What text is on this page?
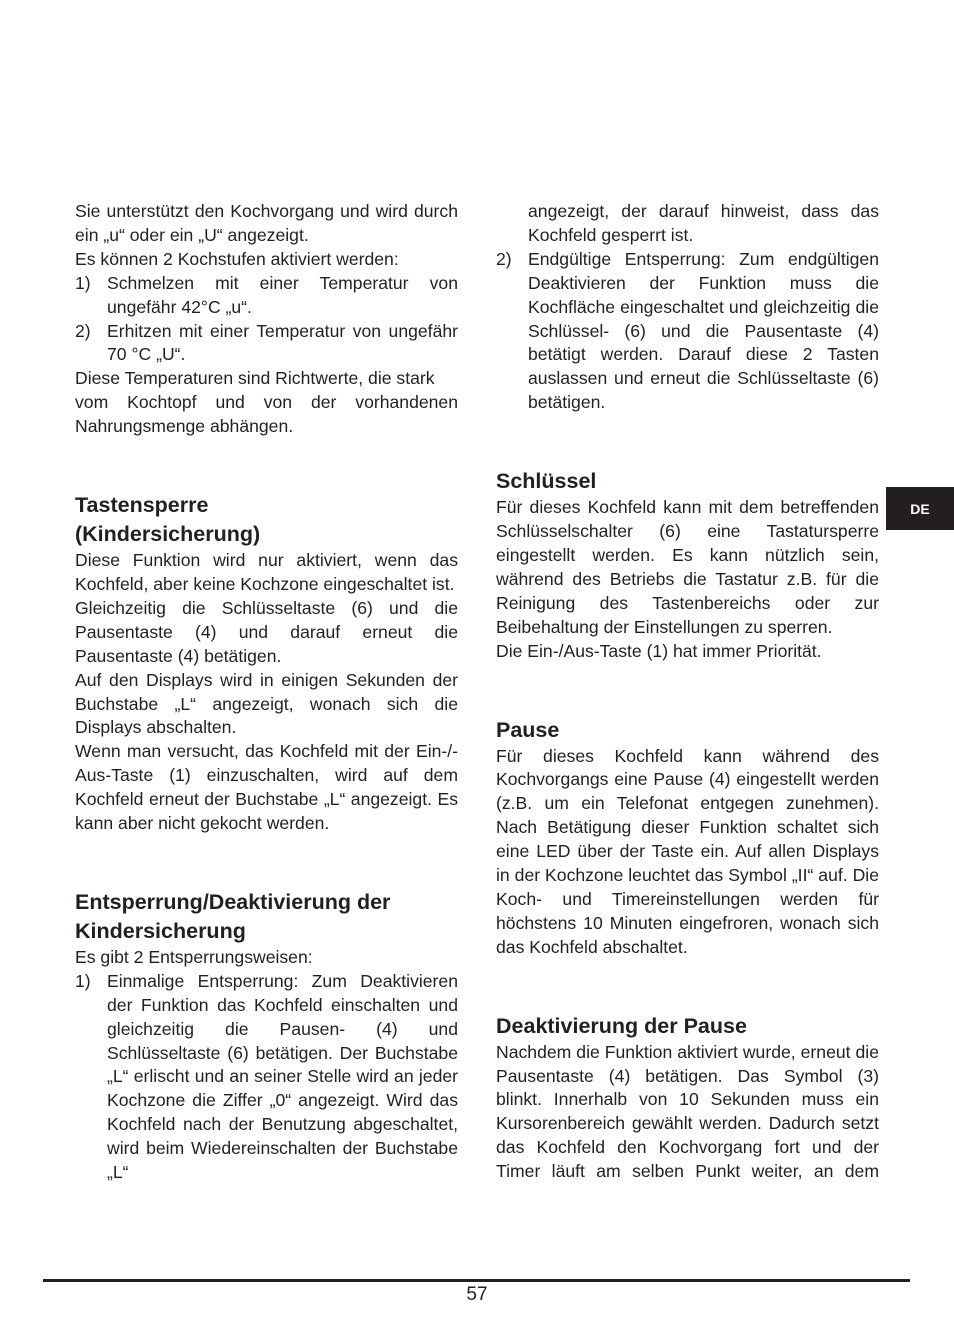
Sie unterstützt den Kochvorgang und wird durch ein „u“ oder ein „U“ angezeigt.

Es können 2 Kochstufen aktiviert werden:

1) Schmelzen mit einer Temperatur von ungefähr 42°C „u“.
2) Erhitzen mit einer Temperatur von ungefähr 70 °C „U“.

Diese Temperaturen sind Richtwerte, die stark

vom Kochtopf und von der vorhandenen Nahrungsmenge abhängen.

Tastensperre (Kindersicherung)

Diese Funktion wird nur aktiviert, wenn das Kochfeld, aber keine Kochzone eingeschaltet ist.

Gleichzeitig die Schlüsseltaste (6) und die Pausentaste (4) und darauf erneut die Pausentaste (4) betätigen.

Auf den Displays wird in einigen Sekunden der Buchstabe „L“ angezeigt, wonach sich die Displays abschalten.

Wenn man versucht, das Kochfeld mit der Ein-/-Aus-Taste (1) einzuschalten, wird auf dem Kochfeld erneut der Buchstabe „L“ angezeigt. Es kann aber nicht gekocht werden.

Entsperrung/Deaktivierung der Kindersicherung

Es gibt 2 Entsperrungsweisen:

1) Einmalige Entsperrung: Zum Deaktivieren der Funktion das Kochfeld einschalten und gleichzeitig die Pausen- (4) und Schlüsseltaste (6) betätigen. Der Buchstabe „L“ erlischt und an seiner Stelle wird an jeder Kochzone die Ziffer „0“ angezeigt. Wird das Kochfeld nach der Benutzung abgeschaltet, wird beim Wiedereinschalten der Buchstabe „L“

angezeigt, der darauf hinweist, dass das Kochfeld gesperrt ist.

2) Endgültige Entsperrung: Zum endgültigen Deaktivieren der Funktion muss die Kochfläche eingeschaltet und gleichzeitig die Schlüssel- (6) und die Pausentaste (4) betätigt werden. Darauf diese 2 Tasten auslassen und erneut die Schlüsseltaste (6) betätigen.
Schlüssel

Für dieses Kochfeld kann mit dem betreffenden Schlüsselschalter (6) eine Tastatursperre eingestellt werden. Es kann nützlich sein, während des Betriebs die Tastatur z.B. für die Reinigung des Tastenbereichs oder zur Beibehaltung der Einstellungen zu sperren.

Die Ein-/Aus-Taste (1) hat immer Priorität.

Pause

Für dieses Kochfeld kann während des Kochvorgangs eine Pause (4) eingestellt werden (z.B. um ein Telefonat entgegen zunehmen). Nach Betätigung dieser Funktion schaltet sich eine LED über der Taste ein. Auf allen Displays in der Kochzone leuchtet das Symbol „II“ auf. Die Koch- und Timereinstellungen werden für höchstens 10 Minuten eingefroren, wonach sich das Kochfeld abschaltet.

Deaktivierung der Pause

Nachdem die Funktion aktiviert wurde, erneut die Pausentaste (4) betätigen. Das Symbol (3) blinkt. Innerhalb von 10 Sekunden muss ein Kursorenbereich gewählt werden. Dadurch setzt das Kochfeld den Kochvorgang fort und der Timer läuft am selben Punkt weiter, an dem

DE
57
